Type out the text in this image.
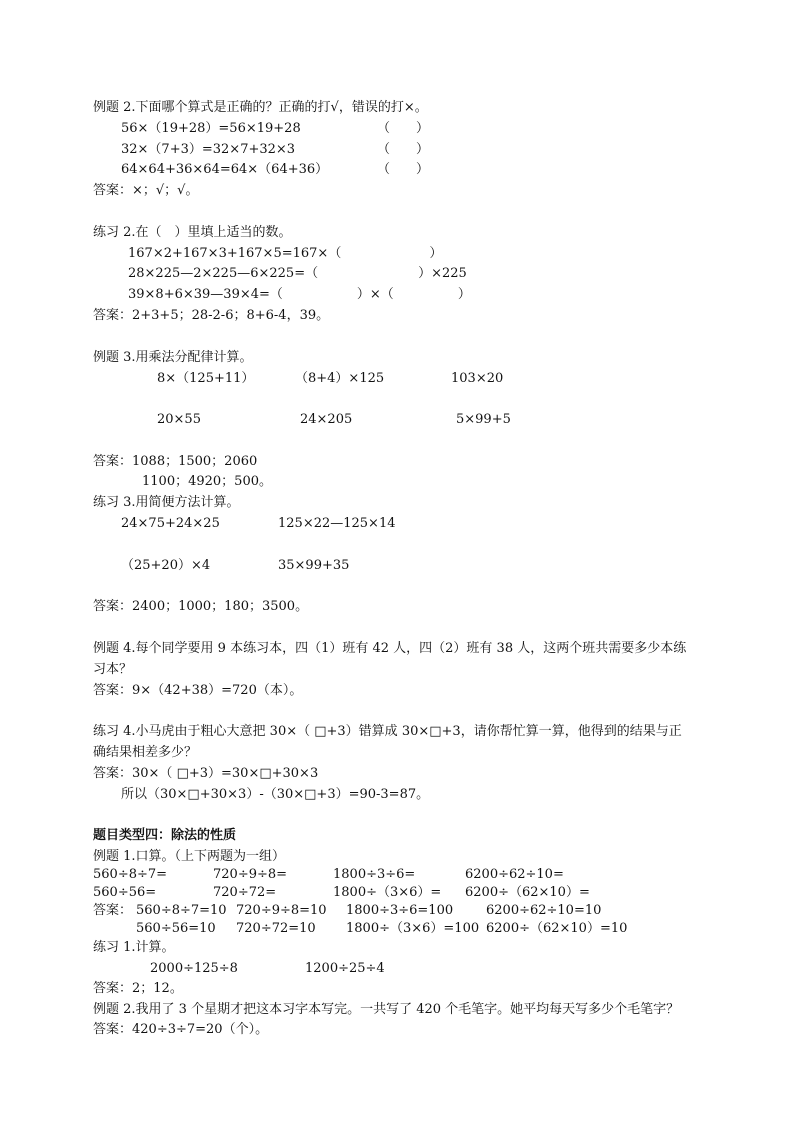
例题 2.下面哪个算式是正确的？正确的打√，错误的打×。
56×（19+28）=56×19+28	（　　）
32×（7+3）=32×7+32×3	（　　）
64×64+36×64=64×（64+36）	（　　）
答案：×；√；√。
练习 2.在（　）里填上适当的数。
167×2+167×3+167×5=167×（	）
28×225—2×225—6×225=（	）×225
39×8+6×39—39×4=（	）×（	）
答案：2+3+5；28-2-6；8+6-4，39。
例题 3.用乘法分配律计算。
8×（125+11）	（8+4）×125	103×20
20×55	24×205	5×99+5
答案：1088；1500；2060
1100；4920；500。
练习 3.用简便方法计算。
24×75+24×25	125×22—125×14
（25+20）×4	35×99+35
答案：2400；1000；180；3500。
例题 4.每个同学要用 9 本练习本，四（1）班有 42 人，四（2）班有 38 人，这两个班共需要多少本练
习本？
答案：9×（42+38）=720（本）。
练习 4.小马虎由于粗心大意把 30×（ □+3）错算成 30×□+3，请你帮忙算一算，他得到的结果与正
确结果相差多少？
答案：30×（ □+3）=30×□+30×3
所以（30×□+30×3）-（30×□+3）=90-3=87。
题目类型四：除法的性质
例题 1.口算。（上下两题为一组）
560÷8÷7=	720÷9÷8=	1800÷3÷6=	6200÷62÷10=
560÷56=	720÷72=	1800÷（3×6）= 6200÷（62×10）=
答案： 560÷8÷7=10 720÷9÷8=10 1800÷3÷6=100	6200÷62÷10=10
560÷56=10 720÷72=10 1800÷（3×6）=100 6200÷（62×10）=10
练习 1.计算。
2000÷125÷8	1200÷25÷4
答案：2；12。
例题 2.我用了 3 个星期才把这本习字本写完。一共写了 420 个毛笔字。她平均每天写多少个毛笔字？
答案：420÷3÷7=20（个）。
